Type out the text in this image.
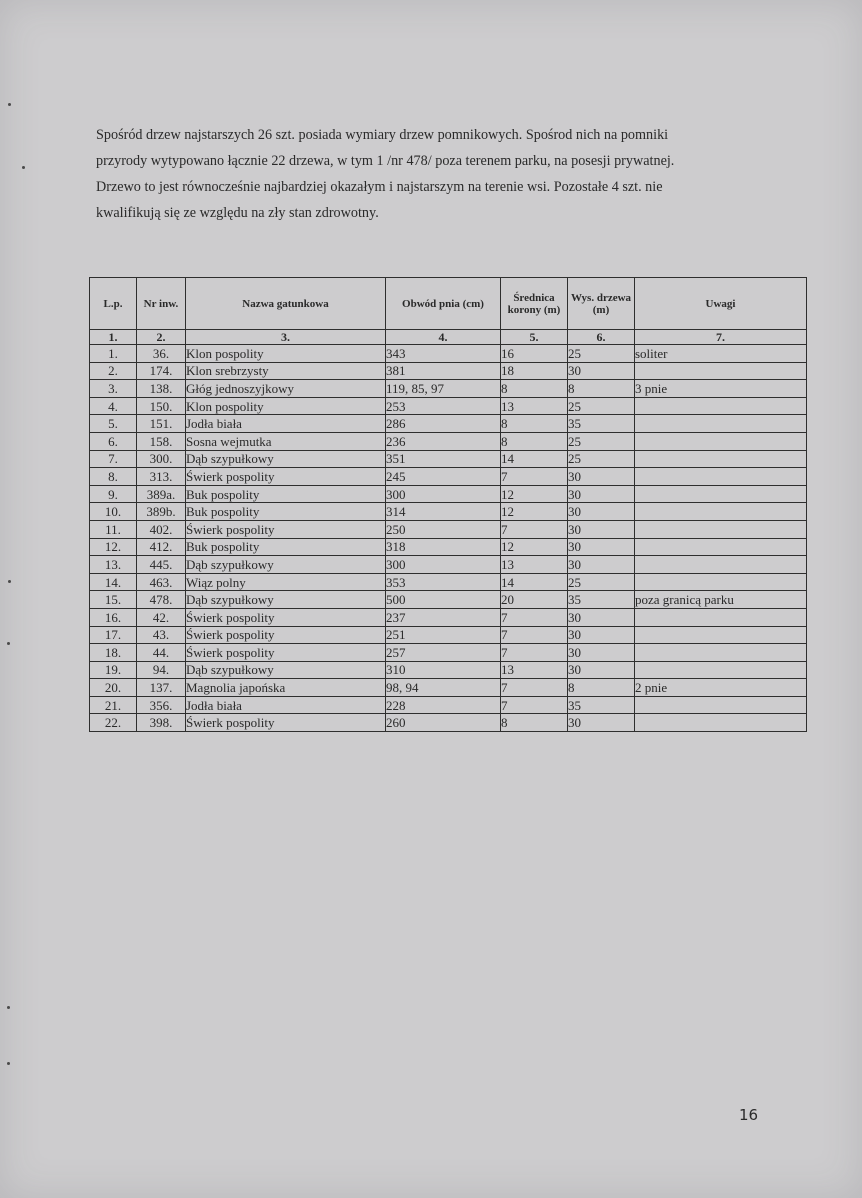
Spośród drzew najstarszych 26 szt. posiada wymiary drzew pomnikowych. Spośrod nich na pomniki
przyrody wytypowano łącznie 22 drzewa, w tym 1 /nr 478/ poza terenem parku, na posesji prywatnej.
Drzewo to jest równocześnie najbardziej okazałym i najstarszym na terenie wsi. Pozostałe 4 szt. nie
kwalifikują się ze względu na zły stan zdrowotny.

L.p.	Nr inw.	Nazwa gatunkowa	Obwód pnia (cm)	Średnica korony (m)	Wys. drzewa (m)	Uwagi
1.	2.	3.	4.	5.	6.	7.
1.	36.	Klon pospolity	343	16	25	soliter
2.	174.	Klon srebrzysty	381	18	30	
3.	138.	Głóg jednoszyjkowy	119, 85, 97	8	8	3 pnie
4.	150.	Klon pospolity	253	13	25	
5.	151.	Jodła biała	286	8	35	
6.	158.	Sosna wejmutka	236	8	25	
7.	300.	Dąb szypułkowy	351	14	25	
8.	313.	Świerk pospolity	245	7	30	
9.	389a.	Buk pospolity	300	12	30	
10.	389b.	Buk pospolity	314	12	30	
11.	402.	Świerk pospolity	250	7	30	
12.	412.	Buk pospolity	318	12	30	
13.	445.	Dąb szypułkowy	300	13	30	
14.	463.	Wiąz polny	353	14	25	
15.	478.	Dąb szypułkowy	500	20	35	poza granicą parku
16.	42.	Świerk pospolity	237	7	30	
17.	43.	Świerk pospolity	251	7	30	
18.	44.	Świerk pospolity	257	7	30	
19.	94.	Dąb szypułkowy	310	13	30	
20.	137.	Magnolia japońska	98, 94	7	8	2 pnie
21.	356.	Jodła biała	228	7	35	
22.	398.	Świerk pospolity	260	8	30	
16
